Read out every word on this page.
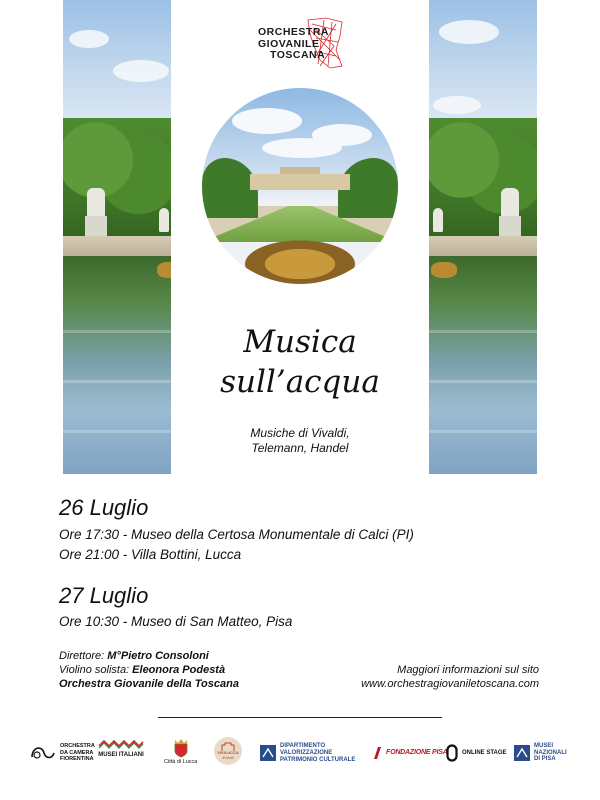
ORCHESTRA
GIOVANILE
TOSCANA
Musica
sull’acqua
Musiche di Vivaldi,
Telemann, Handel
26 Luglio
Ore 17:30 - Museo della Certosa Monumentale di Calci (PI)
Ore 21:00 - Villa Bottini, Lucca
27 Luglio
Ore 10:30 - Museo di San Matteo, Pisa
Direttore: M°Pietro Consoloni
Violino solista: Eleonora Podestà
Orchestra Giovanile della Toscana
Maggiori informazioni sul sito
www.orchestragiovaniletoscana.com
ORCHESTRA
DA CAMERA
FIORENTINA
MUSEI ITALIANI
Città di Lucca
VIVILUCCA
Eventi
DIPARTIMENTO
VALORIZZAZIONE
PATRIMONIO CULTURALE
FONDAZIONE PISA ONLINE STAGE
MUSEI
NAZIONALI
DI PISA
